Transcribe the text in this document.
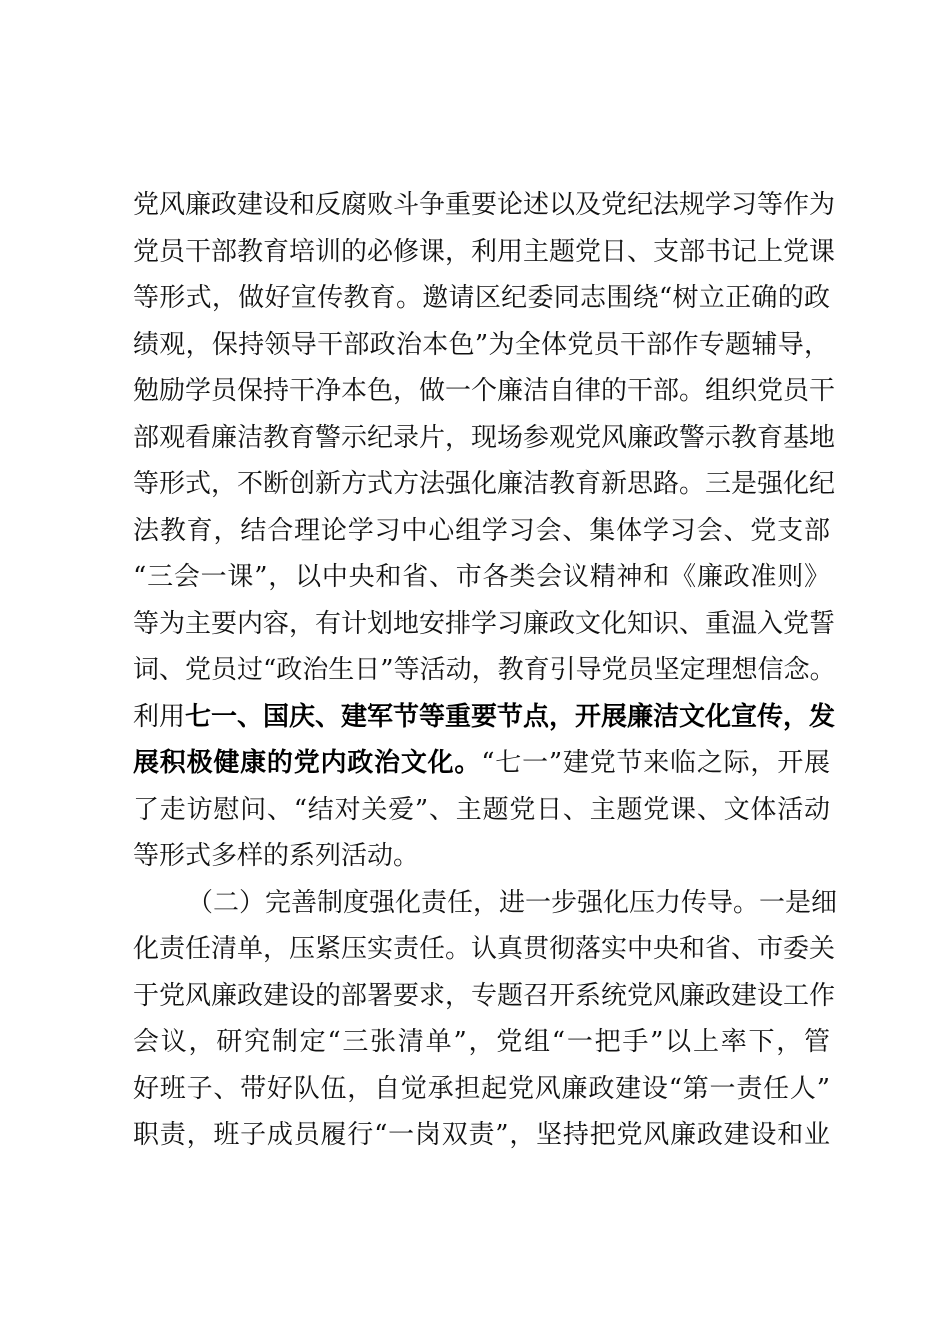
党风廉政建设和反腐败斗争重要论述以及党纪法规学习等作为
党员干部教育培训的必修课，利用主题党日、支部书记上党课
等形式，做好宣传教育。邀请区纪委同志围绕“树立正确的政
绩观，保持领导干部政治本色”为全体党员干部作专题辅导，
勉励学员保持干净本色，做一个廉洁自律的干部。组织党员干
部观看廉洁教育警示纪录片，现场参观党风廉政警示教育基地
等形式，不断创新方式方法强化廉洁教育新思路。三是强化纪
法教育，结合理论学习中心组学习会、集体学习会、党支部
“三会一课”，以中央和省、市各类会议精神和《廉政准则》
等为主要内容，有计划地安排学习廉政文化知识、重温入党誓
词、党员过“政治生日”等活动，教育引导党员坚定理想信念。
利用七一、国庆、建军节等重要节点，开展廉洁文化宣传，发
展积极健康的党内政治文化。“七一”建党节来临之际，开展
了走访慰问、“结对关爱”、主题党日、主题党课、文体活动
等形式多样的系列活动。
（二）完善制度强化责任，进一步强化压力传导。一是细
化责任清单，压紧压实责任。认真贯彻落实中央和省、市委关
于党风廉政建设的部署要求，专题召开系统党风廉政建设工作
会议，研究制定“三张清单”，党组“一把手”以上率下，管
好班子、带好队伍，自觉承担起党风廉政建设“第一责任人”
职责，班子成员履行“一岗双责”，坚持把党风廉政建设和业
